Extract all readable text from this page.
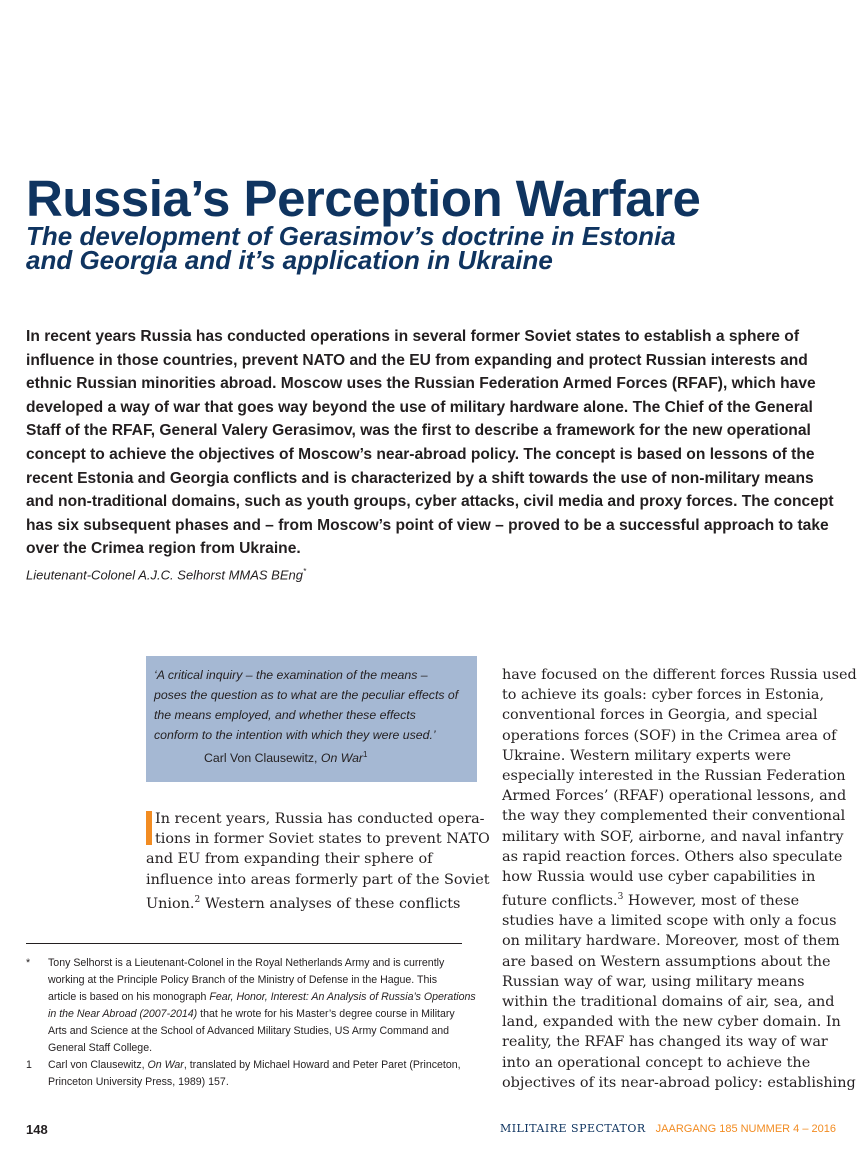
Russia’s Perception Warfare
The development of Gerasimov’s doctrine in Estonia
and Georgia and it’s application in Ukraine
In recent years Russia has conducted operations in several former Soviet states to establish a sphere of
influence in those countries, prevent NATO and the EU from expanding and protect Russian interests and
ethnic Russian minorities abroad. Moscow uses the Russian Federation Armed Forces (RFAF), which have
developed a way of war that goes way beyond the use of military hardware alone. The Chief of the General
Staff of the RFAF, General Valery Gerasimov, was the first to describe a framework for the new operational
concept to achieve the objectives of Moscow’s near-abroad policy. The concept is based on lessons of the
recent Estonia and Georgia conflicts and is characterized by a shift towards the use of non-military means
and non-traditional domains, such as youth groups, cyber attacks, civil media and proxy forces. The concept
has six subsequent phases and – from Moscow’s point of view – proved to be a successful approach to take
over the Crimea region from Ukraine.
Lieutenant-Colonel A.J.C. Selhorst MMAS BEng*
‘A critical inquiry – the examination of the means –
poses the question as to what are the peculiar effects of
the means employed, and whether these effects
conform to the intention with which they were used.’
Carl Von Clausewitz, On War$^1$
In recent years, Russia has conducted opera-
tions in former Soviet states to prevent NATO
and EU from expanding their sphere of
influence into areas formerly part of the Soviet
Union.$^2$ Western analyses of these conflicts
have focused on the different forces Russia used
to achieve its goals: cyber forces in Estonia,
conventional forces in Georgia, and special
operations forces (SOF) in the Crimea area of
Ukraine. Western military experts were
especially interested in the Russian Federation
Armed Forces’ (RFAF) operational lessons, and
the way they complemented their conventional
military with SOF, airborne, and naval infantry
as rapid reaction forces. Others also speculate
how Russia would use cyber capabilities in
future conflicts.$^3$ However, most of these
studies have a limited scope with only a focus
on military hardware. Moreover, most of them
are based on Western assumptions about the
Russian way of war, using military means
within the traditional domains of air, sea, and
land, expanded with the new cyber domain. In
reality, the RFAF has changed its way of war
into an operational concept to achieve the
objectives of its near-abroad policy: establishing
* Tony Selhorst is a Lieutenant-Colonel in the Royal Netherlands Army and is currently
working at the Principle Policy Branch of the Ministry of Defense in the Hague. This
article is based on his monograph Fear, Honor, Interest: An Analysis of Russia’s Operations
in the Near Abroad (2007-2014) that he wrote for his Master’s degree course in Military
Arts and Science at the School of Advanced Military Studies, US Army Command and
General Staff College.
1 Carl von Clausewitz, On War, translated by Michael Howard and Peter Paret (Princeton,
Princeton University Press, 1989) 157.
148	MILITAIRE SPECTATOR JAARGANG 185 NUMMER 4 – 2016
